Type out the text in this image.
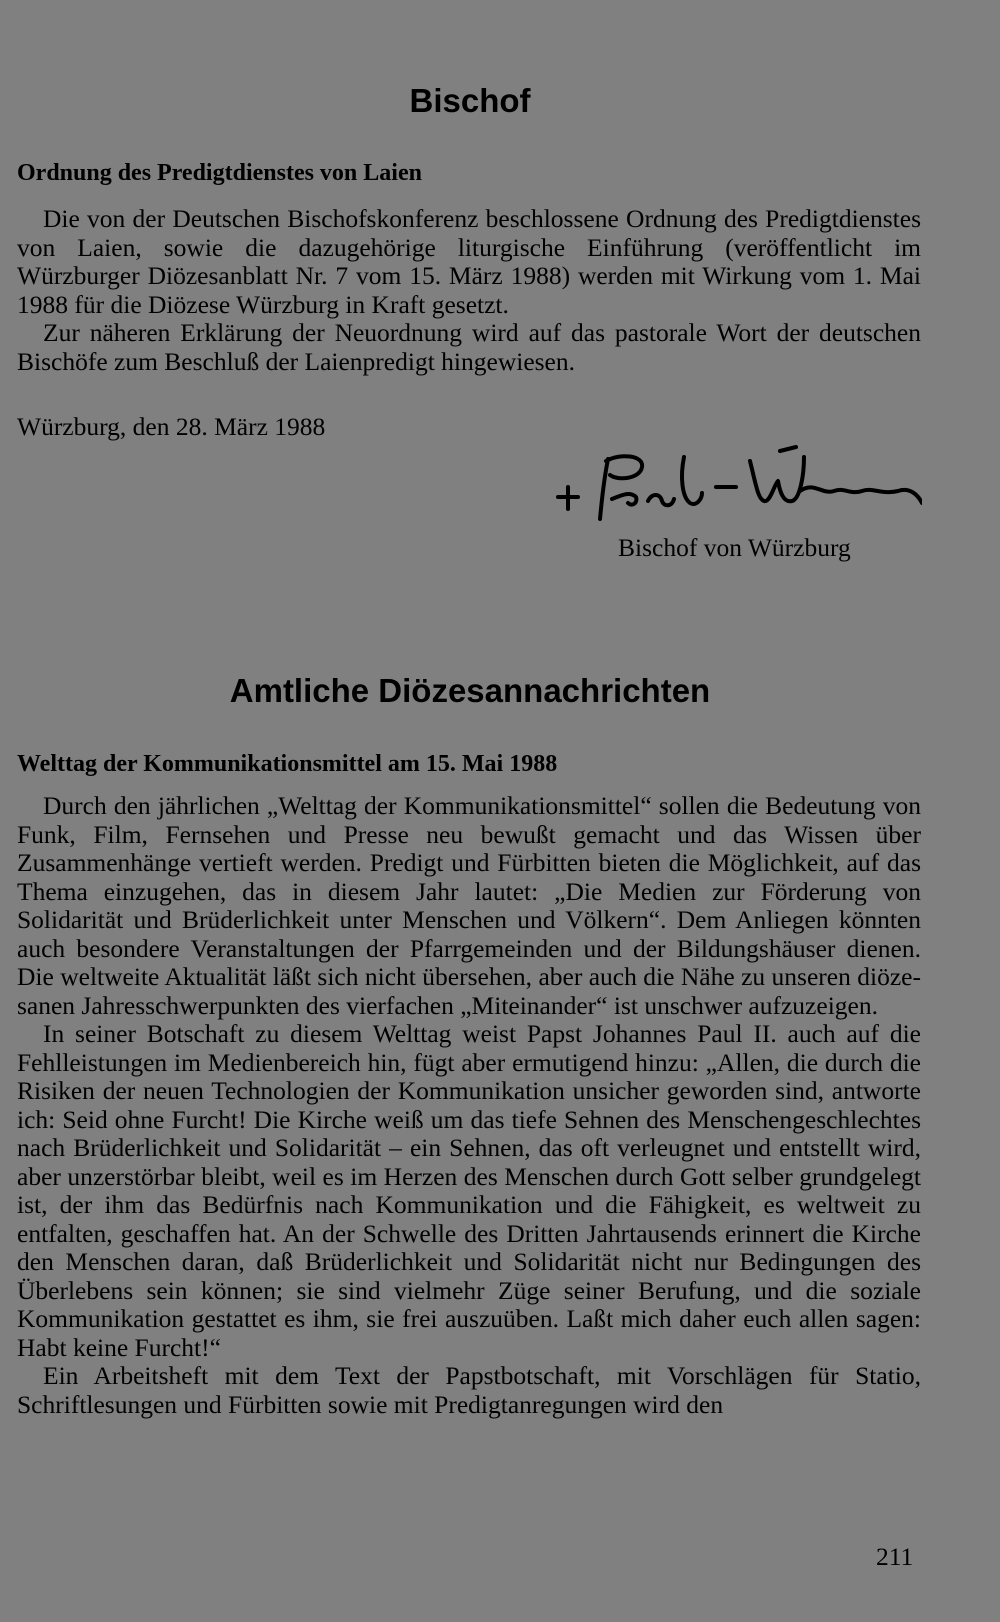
Bischof
Ordnung des Predigtdienstes von Laien

Die von der Deutschen Bischofskonferenz beschlossene Ordnung des Predigtdienstes von Laien, sowie die dazugehörige liturgische Einführung (veröffentlicht im Würzburger Diözesanblatt Nr. 7 vom 15. März 1988) werden mit Wirkung vom 1. Mai 1988 für die Diözese Würzburg in Kraft gesetzt.

Zur näheren Erklärung der Neuordnung wird auf das pastorale Wort der deutschen Bischöfe zum Beschluß der Laienpredigt hingewiesen.

Würzburg, den 28. März 1988

Bischof von Würzburg

Amtliche Diözesannachrichten
Welttag der Kommunikationsmittel am 15. Mai 1988

Durch den jährlichen „Welttag der Kommunikationsmittel“ sollen die Bedeutung von Funk, Film, Fernsehen und Presse neu bewußt gemacht und das Wissen über Zusammenhänge vertieft werden. Predigt und Fürbitten bieten die Möglichkeit, auf das Thema einzugehen, das in diesem Jahr lautet: „Die Medien zur Förderung von Solidarität und Brüderlichkeit unter Menschen und Völkern“. Dem Anliegen könnten auch besondere Veranstaltungen der Pfarrgemeinden und der Bildungshäuser dienen. Die weltweite Aktualität läßt sich nicht übersehen, aber auch die Nähe zu unseren diözesanen Jahresschwerpunkten des vierfachen „Miteinander“ ist unschwer aufzuzeigen.

In seiner Botschaft zu diesem Welttag weist Papst Johannes Paul II. auch auf die Fehlleistungen im Medienbereich hin, fügt aber ermutigend hinzu: „Allen, die durch die Risiken der neuen Technologien der Kommunikation unsicher geworden sind, antworte ich: Seid ohne Furcht! Die Kirche weiß um das tiefe Sehnen des Menschengeschlechtes nach Brüderlichkeit und Solidarität – ein Sehnen, das oft verleugnet und entstellt wird, aber unzerstörbar bleibt, weil es im Herzen des Menschen durch Gott selber grundgelegt ist, der ihm das Bedürfnis nach Kommunikation und die Fähigkeit, es weltweit zu entfalten, geschaffen hat. An der Schwelle des Dritten Jahrtausends erinnert die Kirche den Menschen daran, daß Brüderlichkeit und Solidarität nicht nur Bedingungen des Überlebens sein können; sie sind vielmehr Züge seiner Berufung, und die soziale Kommunikation gestattet es ihm, sie frei auszuüben. Laßt mich daher euch allen sagen: Habt keine Furcht!“

Ein Arbeitsheft mit dem Text der Papstbotschaft, mit Vorschlägen für Statio, Schriftlesungen und Fürbitten sowie mit Predigtanregungen wird den

211
